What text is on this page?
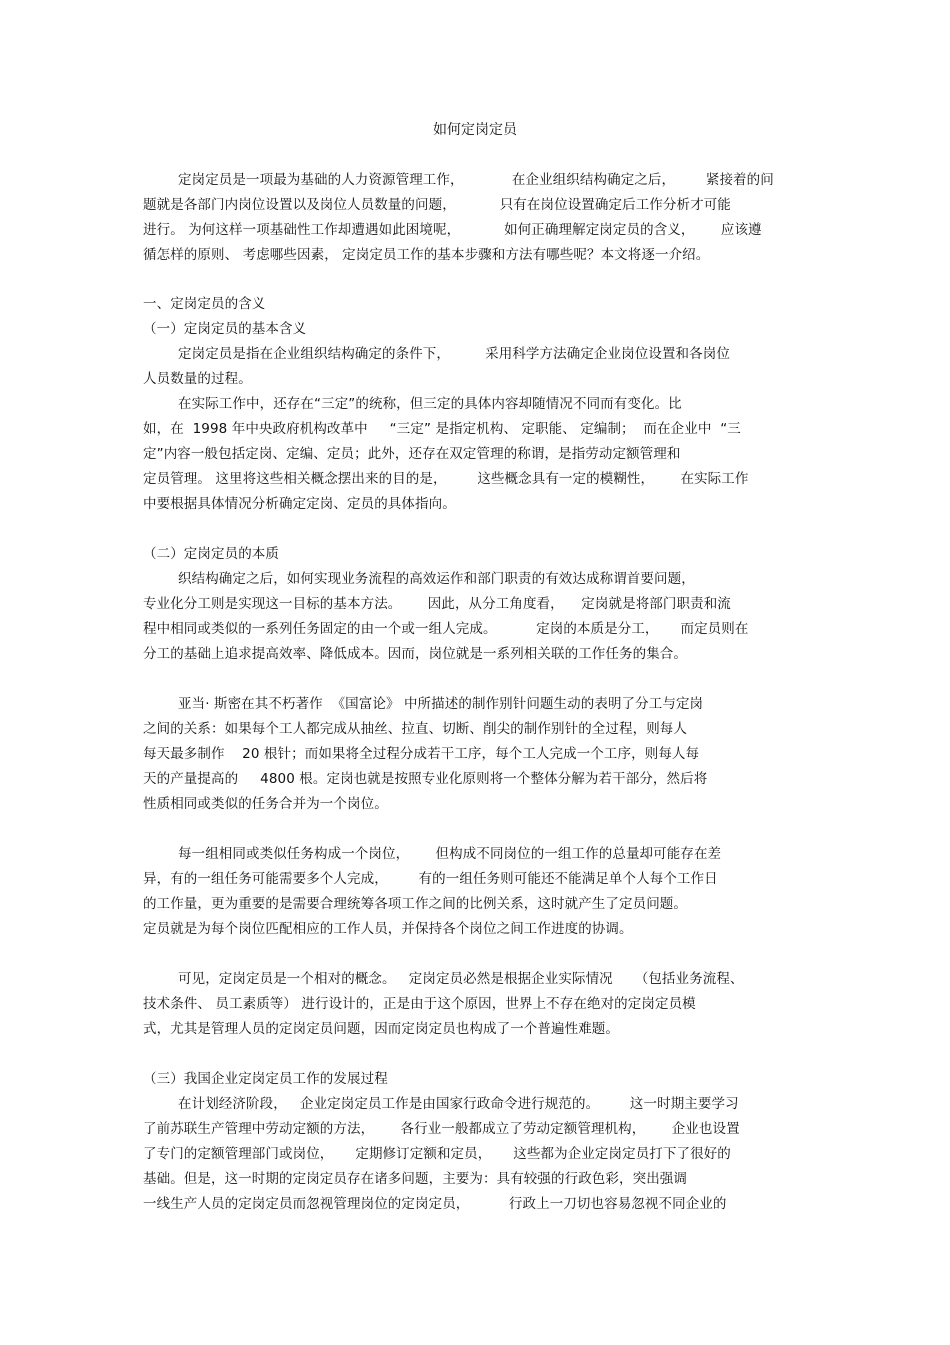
如何定岗定员

定岗定员是一项最为基础的人力资源管理工作，           在企业组织结构确定之后，       紧接着的问

题就是各部门内岗位设置以及岗位人员数量的问题，          只有在岗位设置确定后工作分析才可能

进行。 为何这样一项基础性工作却遭遇如此困境呢，          如何正确理解定岗定员的含义，      应该遵

循怎样的原则、 考虑哪些因素， 定岗定员工作的基本步骤和方法有哪些呢？本文将逐一介绍。

一、定岗定员的含义

（一）定岗定员的基本含义

定岗定员是指在企业组织结构确定的条件下，        采用科学方法确定企业岗位设置和各岗位

人员数量的过程。

在实际工作中，还存在“三定”的统称，但三定的具体内容却随情况不同而有变化。比

如，在  1998 年中央政府机构改革中     “三定” 是指定机构、 定职能、 定编制；  而在企业中  “三

定”内容一般包括定岗、定编、定员；此外，还存在双定管理的称谓，是指劳动定额管理和

定员管理。 这里将这些相关概念摆出来的目的是，       这些概念具有一定的模糊性，      在实际工作

中要根据具体情况分析确定定岗、定员的具体指向。

（二）定岗定员的本质

织结构确定之后，如何实现业务流程的高效运作和部门职责的有效达成称谓首要问题，

专业化分工则是实现这一目标的基本方法。      因此，从分工角度看，    定岗就是将部门职责和流

程中相同或类似的一系列任务固定的由一个或一组人完成。         定岗的本质是分工，     而定员则在

分工的基础上追求提高效率、降低成本。因而，岗位就是一系列相关联的工作任务的集合。

亚当· 斯密在其不朽著作  《国富论》 中所描述的制作别针问题生动的表明了分工与定岗

之间的关系：如果每个工人都完成从抽丝、拉直、切断、削尖的制作别针的全过程，则每人

每天最多制作    20 根针；而如果将全过程分成若干工序，每个工人完成一个工序，则每人每

天的产量提高的     4800 根。定岗也就是按照专业化原则将一个整体分解为若干部分，然后将

性质相同或类似的任务合并为一个岗位。

每一组相同或类似任务构成一个岗位，      但构成不同岗位的一组工作的总量却可能存在差

异，有的一组任务可能需要多个人完成，       有的一组任务则可能还不能满足单个人每个工作日

的工作量，更为重要的是需要合理统筹各项工作之间的比例关系，这时就产生了定员问题。

定员就是为每个岗位匹配相应的工作人员，并保持各个岗位之间工作进度的协调。

可见，定岗定员是一个相对的概念。   定岗定员必然是根据企业实际情况     （包括业务流程、

技术条件、 员工素质等） 进行设计的，正是由于这个原因，世界上不存在绝对的定岗定员模

式，尤其是管理人员的定岗定员问题，因而定岗定员也构成了一个普遍性难题。

（三）我国企业定岗定员工作的发展过程

在计划经济阶段，   企业定岗定员工作是由国家行政命令进行规范的。       这一时期主要学习

了前苏联生产管理中劳动定额的方法，      各行业一般都成立了劳动定额管理机构，      企业也设置

了专门的定额管理部门或岗位，     定期修订定额和定员，     这些都为企业定岗定员打下了很好的

基础。但是，这一时期的定岗定员存在诸多问题，主要为：具有较强的行政色彩，突出强调

一线生产人员的定岗定员而忽视管理岗位的定岗定员，         行政上一刀切也容易忽视不同企业的
